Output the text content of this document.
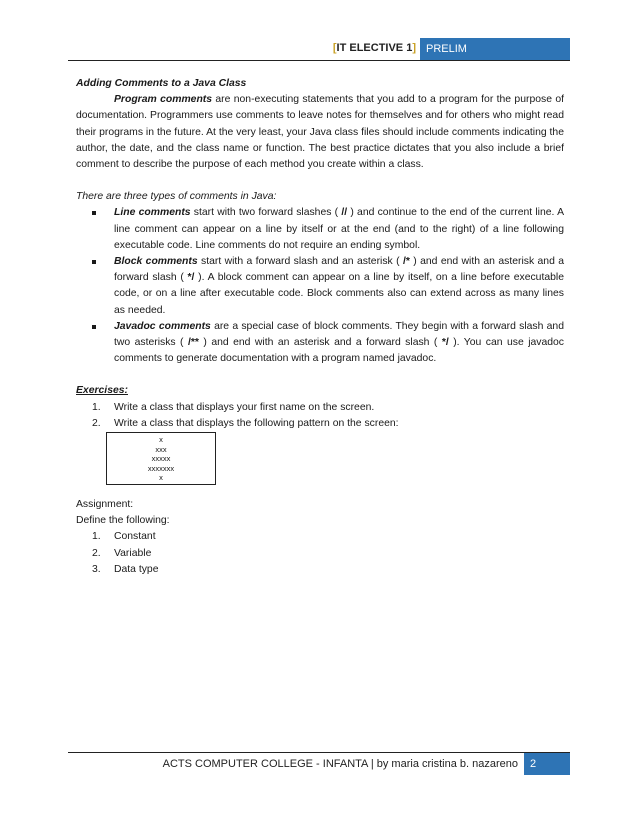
[IT ELECTIVE 1] PRELIM

Adding Comments to a Java Class

Program comments are non-executing statements that you add to a program for the purpose of documentation. Programmers use comments to leave notes for themselves and for others who might read their programs in the future. At the very least, your Java class files should include comments indicating the author, the date, and the class name or function. The best practice dictates that you also include a brief comment to describe the purpose of each method you create within a class.

There are three types of comments in Java:

Line comments start with two forward slashes ( // ) and continue to the end of the current line. A line comment can appear on a line by itself or at the end (and to the right) of a line following executable code. Line comments do not require an ending symbol.
Block comments start with a forward slash and an asterisk ( /* ) and end with an asterisk and a forward slash ( */ ). A block comment can appear on a line by itself, on a line before executable code, or on a line after executable code. Block comments also can extend across as many lines as needed.
Javadoc comments are a special case of block comments. They begin with a forward slash and two asterisks ( /** ) and end with an asterisk and a forward slash ( */ ). You can use javadoc comments to generate documentation with a program named javadoc.

Exercises:

1. Write a class that displays your first name on the screen.
2. Write a class that displays the following pattern on the screen:
x
xxx
xxxxx
xxxxxxx
x
Assignment:
Define the following:
1. Constant
2. Variable
3. Data type
ACTS COMPUTER COLLEGE - INFANTA | by maria cristina b. nazareno	2
